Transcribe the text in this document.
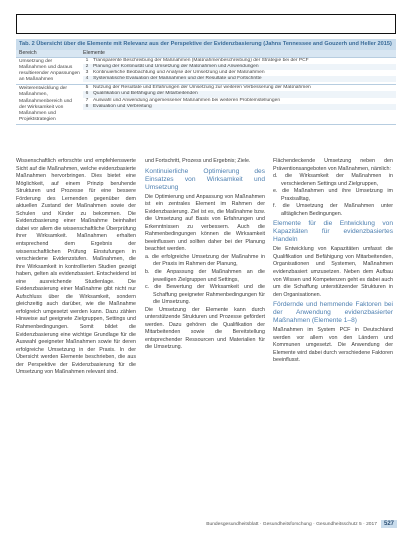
Tab. 2 Übersicht über die Elemente mit Relevanz aus der Perspektive der Evidenzbasierung (Jahns Tennessee and Gouzerh und Heller 2015)
Bereich	Elemente
Umsetzung der Maßnahmen und daraus resultierender Anpassungen an Maßnahmen
1 Transparente Beschreibung der Maßnahmen (Maßnahmenbeschreibung) der Strategie bei der PCF
2 Planung der Kontinuität und Umsetzung der Maßnahmen und Anwendungen
3 Kontinuierliche Beobachtung und Analyse der Umsetzung und der Maßnahmen
4 Systematische Evaluation der Maßnahmen und der Resultate und Fortschritte
Weiterentwicklung der Maßnahmen, Maßnahmenbereich und der Wirksamkeit von Maßnahmen und Projektstrategien
5 Nutzung der Resultate und Erfahrungen der Umsetzung zur weiteren Verbesserung der Maßnahmen
6 Qualifikation und Befähigung der Mitarbeitenden
7 Auswahl und Anwendung angemessener Maßnahmen bei weiteren Problemstellungen
8 Evaluation und Verbreitung

Wissenschaftlich erforschte und empfehlenswerte Sicht auf die Maßnahmen, welche evidenzbasierte Maßnahmen hervorbringen. Dies bietet eine Möglichkeit, auf einem Prinzip beruhende Strukturen und Prozesse für eine bessere Förderung des Lernenden gegenüber dem aktuellen Zustand der Maßnahmen sowie der Schulen und Kinder zu bekommen. Die Evidenzbasierung einer Maßnahme beinhaltet dabei vor allem die wissenschaftliche Überprüfung ihrer Wirksamkeit. Maßnahmen erhalten entsprechend dem Ergebnis der wissenschaftlichen Prüfung Einstufungen in verschiedene Evidenzstufen. Maßnahmen, die ihre Wirksamkeit in kontrollierten Studien gezeigt haben, gelten als evidenzbasiert. Entscheidend ist eine ausreichende Studienlage. Die Evidenzbasierung einer Maßnahme gibt nicht nur Aufschluss über die Wirksamkeit, sondern gleichzeitig auch darüber, wie die Maßnahme erfolgreich umgesetzt werden kann. Dazu zählen Hinweise auf geeignete Zielgruppen, Settings und Rahmenbedingungen. Somit bildet die Evidenzbasierung eine wichtige Grundlage für die Auswahl geeigneter Maßnahmen sowie für deren erfolgreiche Umsetzung in der Praxis. In der Übersicht werden Elemente beschrieben, die aus der Perspektive der Evidenzbasierung für die Umsetzung von Maßnahmen relevant sind.

und Fortschritt, Prozess und Ergebnis; Ziele.

Kontinuierliche Optimierung des Einsatzes von Wirksamkeit und Umsetzung

Die Optimierung und Anpassung von Maßnahmen ist ein zentrales Element im Rahmen der Evidenzbasierung. Ziel ist es, die Maßnahme bzw. die Umsetzung auf Basis von Erfahrungen und Erkenntnissen zu verbessern. Auch die Rahmenbedingungen können die Wirksamkeit beeinflussen und sollten daher bei der Planung beachtet werden.

a. die erfolgreiche Umsetzung der Maßnahme in der Praxis im Rahmen der Planung,

b. die Anpassung der Maßnahmen an die jeweiligen Zielgruppen und Settings,

c. die Bewertung der Wirksamkeit und die Schaffung geeigneter Rahmenbedingungen für die Umsetzung.

Die Umsetzung der Elemente kann durch unterstützende Strukturen und Prozesse gefördert werden. Dazu gehören die Qualifikation der Mitarbeitenden sowie die Bereitstellung entsprechender Ressourcen und Materialien für die Umsetzung.

Flächendeckende Umsetzung neben den Präventionsangeboten von Maßnahmen, nämlich:

d. die Wirksamkeit der Maßnahmen in verschiedenen Settings und Zielgruppen,

e. die Maßnahmen und ihre Umsetzung im Praxisalltag,

f. die Umsetzung der Maßnahmen unter alltäglichen Bedingungen.

Elemente für die Entwicklung von Kapazitäten für evidenzbasiertes Handeln

Die Entwicklung von Kapazitäten umfasst die Qualifikation und Befähigung von Mitarbeitenden, Organisationen und Systemen, Maßnahmen evidenzbasiert umzusetzen. Neben dem Aufbau von Wissen und Kompetenzen geht es dabei auch um die Schaffung unterstützender Strukturen in den Organisationen.

Fördernde und hemmende Faktoren bei der Anwendung evidenzbasierter Maßnahmen (Elemente 1–8)

Maßnahmen im System PCF in Deutschland werden vor allem von den Ländern und Kommunen umgesetzt. Die Anwendung der Elemente wird dabei durch verschiedene Faktoren beeinflusst.

Bundesgesundheitsblatt · Gesundheitsforschung · Gesundheitsschutz 5 · 2017	527
